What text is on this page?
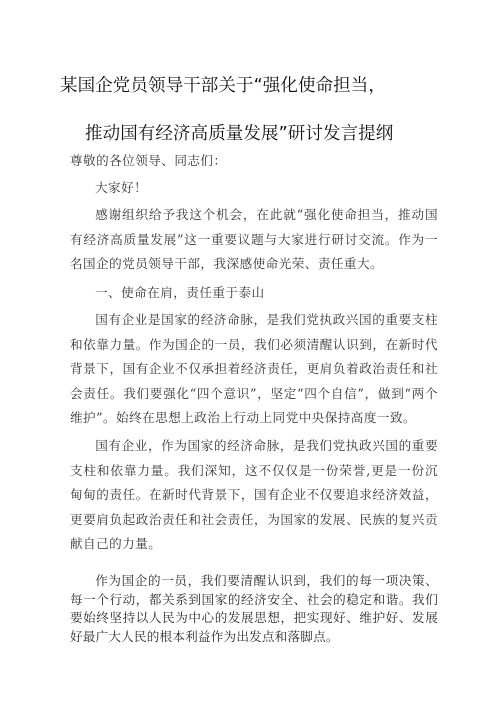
某国企党员领导干部关于“强化使命担当，
推动国有经济高质量发展”研讨发言提纲

尊敬的各位领导、同志们：

大家好！

感谢组织给予我这个机会，在此就“强化使命担当，推动国有经济高质量发展”这一重要议题与大家进行研讨交流。作为一名国企的党员领导干部，我深感使命光荣、责任重大。

一、使命在肩，责任重于泰山

国有企业是国家的经济命脉，是我们党执政兴国的重要支柱和依靠力量。作为国企的一员，我们必须清醒认识到，在新时代背景下，国有企业不仅承担着经济责任，更肩负着政治责任和社会责任。我们要强化“四个意识”，坚定“四个自信”，做到“两个维护”。始终在思想上政治上行动上同党中央保持高度一致。

国有企业，作为国家的经济命脉，是我们党执政兴国的重要支柱和依靠力量。我们深知，这不仅仅是一份荣誉,更是一份沉甸甸的责任。在新时代背景下，国有企业不仅要追求经济效益，更要肩负起政治责任和社会责任，为国家的发展、民族的复兴贡献自己的力量。

作为国企的一员，我们要清醒认识到，我们的每一项决策、每一个行动，都关系到国家的经济安全、社会的稳定和谐。我们要始终坚持以人民为中心的发展思想，把实现好、维护好、发展好最广大人民的根本利益作为出发点和落脚点。
